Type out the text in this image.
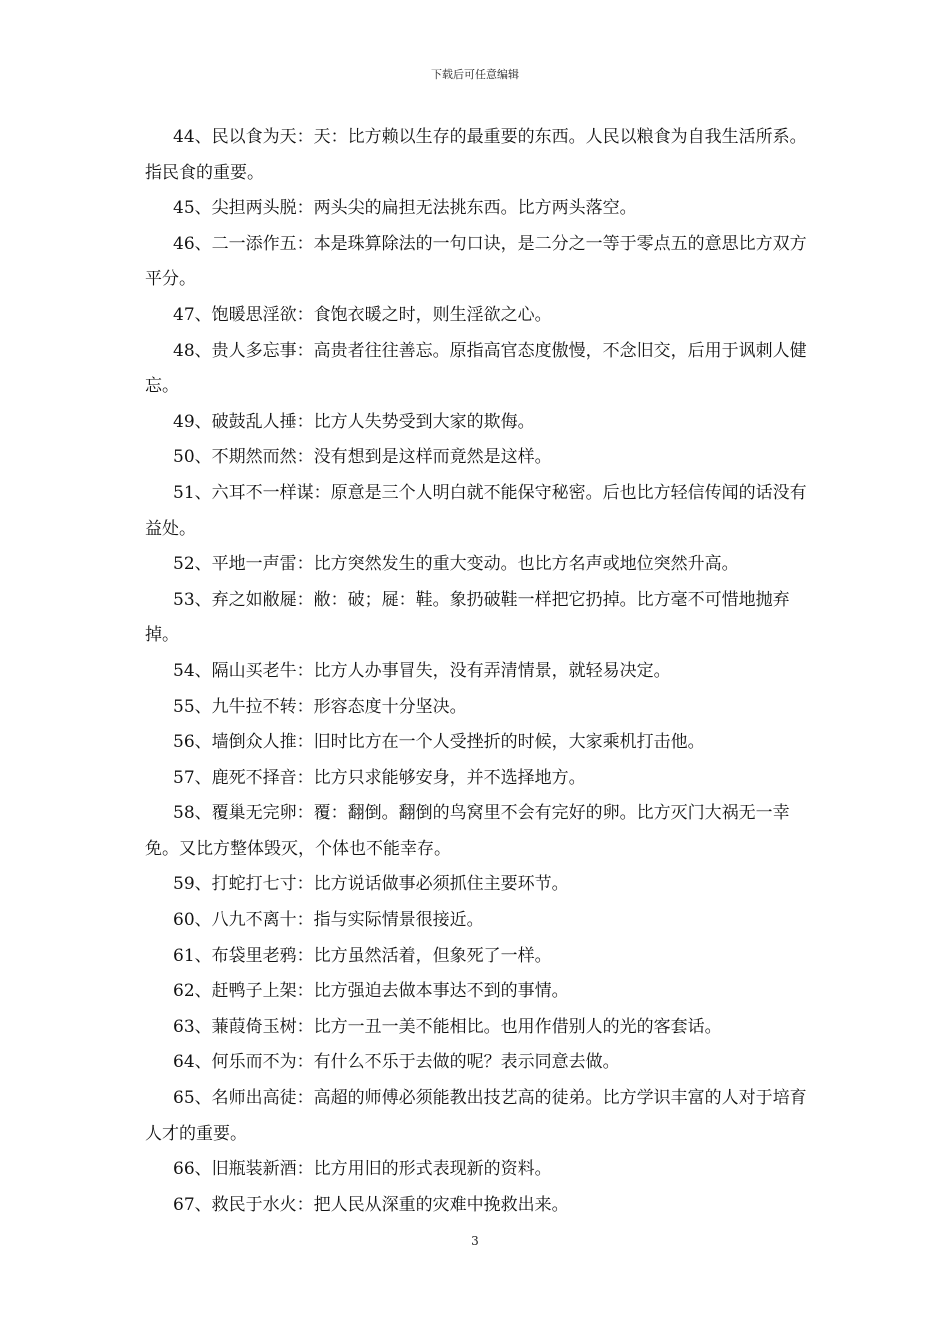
下载后可任意编辑

44、民以食为天：天：比方赖以生存的最重要的东西。人民以粮食为自我生活所系。指民食的重要。

45、尖担两头脱：两头尖的扁担无法挑东西。比方两头落空。

46、二一添作五：本是珠算除法的一句口诀，是二分之一等于零点五的意思比方双方平分。

47、饱暖思淫欲：食饱衣暖之时，则生淫欲之心。

48、贵人多忘事：高贵者往往善忘。原指高官态度傲慢，不念旧交，后用于讽刺人健忘。

49、破鼓乱人捶：比方人失势受到大家的欺侮。

50、不期然而然：没有想到是这样而竟然是这样。

51、六耳不一样谋：原意是三个人明白就不能保守秘密。后也比方轻信传闻的话没有益处。

52、平地一声雷：比方突然发生的重大变动。也比方名声或地位突然升高。

53、弃之如敝屣：敝：破；屣：鞋。象扔破鞋一样把它扔掉。比方毫不可惜地抛弃掉。

54、隔山买老牛：比方人办事冒失，没有弄清情景，就轻易决定。

55、九牛拉不转：形容态度十分坚决。

56、墙倒众人推：旧时比方在一个人受挫折的时候，大家乘机打击他。

57、鹿死不择音：比方只求能够安身，并不选择地方。

58、覆巢无完卵：覆：翻倒。翻倒的鸟窝里不会有完好的卵。比方灭门大祸无一幸免。又比方整体毁灭，个体也不能幸存。

59、打蛇打七寸：比方说话做事必须抓住主要环节。

60、八九不离十：指与实际情景很接近。

61、布袋里老鸦：比方虽然活着，但象死了一样。

62、赶鸭子上架：比方强迫去做本事达不到的事情。

63、蒹葭倚玉树：比方一丑一美不能相比。也用作借别人的光的客套话。

64、何乐而不为：有什么不乐于去做的呢？表示同意去做。

65、名师出高徒：高超的师傅必须能教出技艺高的徒弟。比方学识丰富的人对于培育人才的重要。

66、旧瓶装新酒：比方用旧的形式表现新的资料。

67、救民于水火：把人民从深重的灾难中挽救出来。

3
